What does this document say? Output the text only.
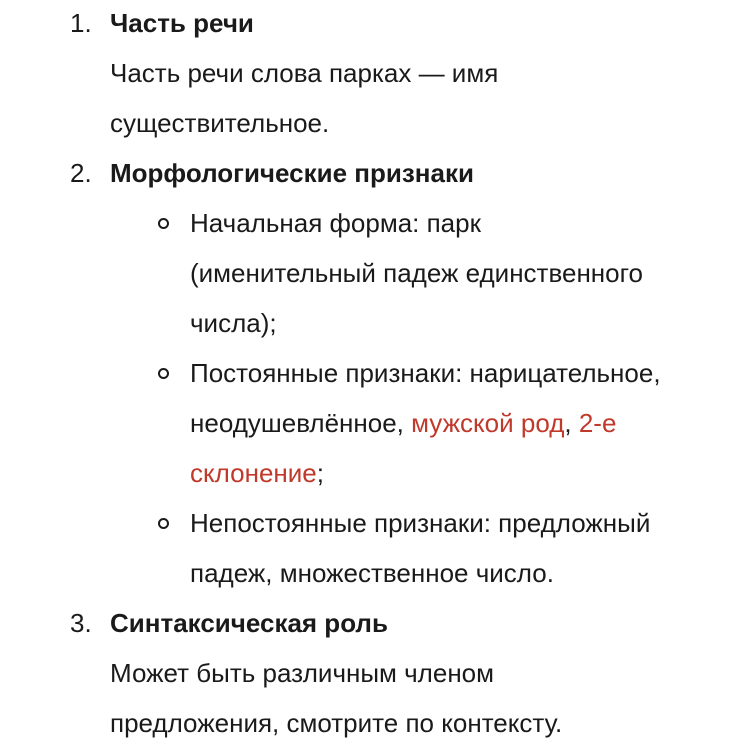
1. Часть речи
Часть речи слова парках — имя
существительное.
2. Морфологические признаки
Начальная форма: парк
(именительный падеж единственного
числа);
Постоянные признаки: нарицательное,
неодушевлённое, мужской род, 2-е
склонение;
Непостоянные признаки: предложный
падеж, множественное число.
3. Синтаксическая роль
Может быть различным членом
предложения, смотрите по контексту.
